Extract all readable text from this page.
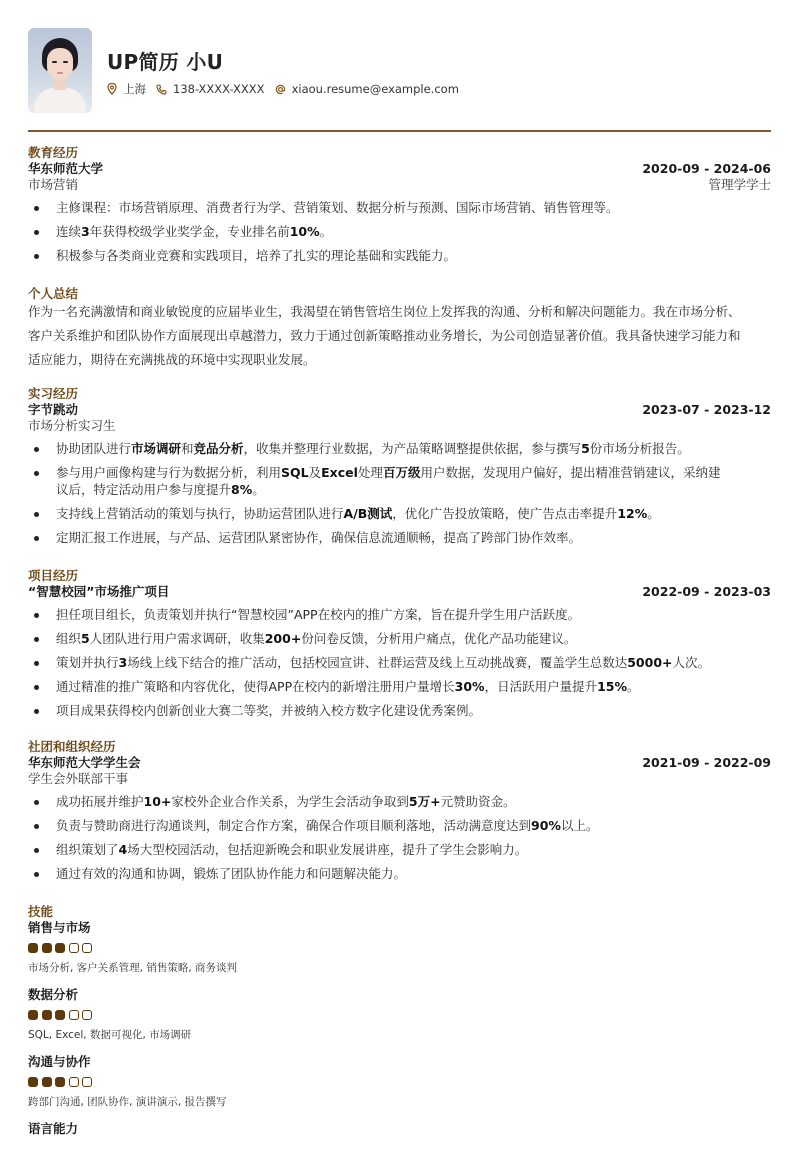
UP简历 小U
上海 138-XXXX-XXXX xiaou.resume@example.com
教育经历
华东师范大学	2020-09 - 2024-06
市场营销	管理学学士
主修课程：市场营销原理、消费者行为学、营销策划、数据分析与预测、国际市场营销、销售管理等。
连续3年获得校级学业奖学金，专业排名前10%。
积极参与各类商业竞赛和实践项目，培养了扎实的理论基础和实践能力。
个人总结
作为一名充满激情和商业敏锐度的应届毕业生，我渴望在销售管培生岗位上发挥我的沟通、分析和解决问题能力。我在市场分析、客户关系维护和团队协作方面展现出卓越潜力，致力于通过创新策略推动业务增长，为公司创造显著价值。我具备快速学习能力和适应能力，期待在充满挑战的环境中实现职业发展。
实习经历
字节跳动	2023-07 - 2023-12
市场分析实习生
协助团队进行市场调研和竞品分析，收集并整理行业数据，为产品策略调整提供依据，参与撰写5份市场分析报告。
参与用户画像构建与行为数据分析，利用SQL及Excel处理百万级用户数据，发现用户偏好，提出精准营销建议，采纳建议后，特定活动用户参与度提升8%。
支持线上营销活动的策划与执行，协助运营团队进行A/B测试，优化广告投放策略，使广告点击率提升12%。
定期汇报工作进展，与产品、运营团队紧密协作，确保信息流通顺畅，提高了跨部门协作效率。
项目经历
“智慧校园”市场推广项目	2022-09 - 2023-03
担任项目组长，负责策划并执行“智慧校园”APP在校内的推广方案，旨在提升学生用户活跃度。
组织5人团队进行用户需求调研，收集200+份问卷反馈，分析用户痛点，优化产品功能建议。
策划并执行3场线上线下结合的推广活动，包括校园宣讲、社群运营及线上互动挑战赛，覆盖学生总数达5000+人次。
通过精准的推广策略和内容优化，使得APP在校内的新增注册用户量增长30%，日活跃用户量提升15%。
项目成果获得校内创新创业大赛二等奖，并被纳入校方数字化建设优秀案例。
社团和组织经历
华东师范大学学生会	2021-09 - 2022-09
学生会外联部干事
成功拓展并维护10+家校外企业合作关系，为学生会活动争取到5万+元赞助资金。
负责与赞助商进行沟通谈判，制定合作方案，确保合作项目顺利落地，活动满意度达到90%以上。
组织策划了4场大型校园活动，包括迎新晚会和职业发展讲座，提升了学生会影响力。
通过有效的沟通和协调，锻炼了团队协作能力和问题解决能力。
技能
销售与市场
市场分析, 客户关系管理, 销售策略, 商务谈判
数据分析
SQL, Excel, 数据可视化, 市场调研
沟通与协作
跨部门沟通, 团队协作, 演讲演示, 报告撰写
语言能力
